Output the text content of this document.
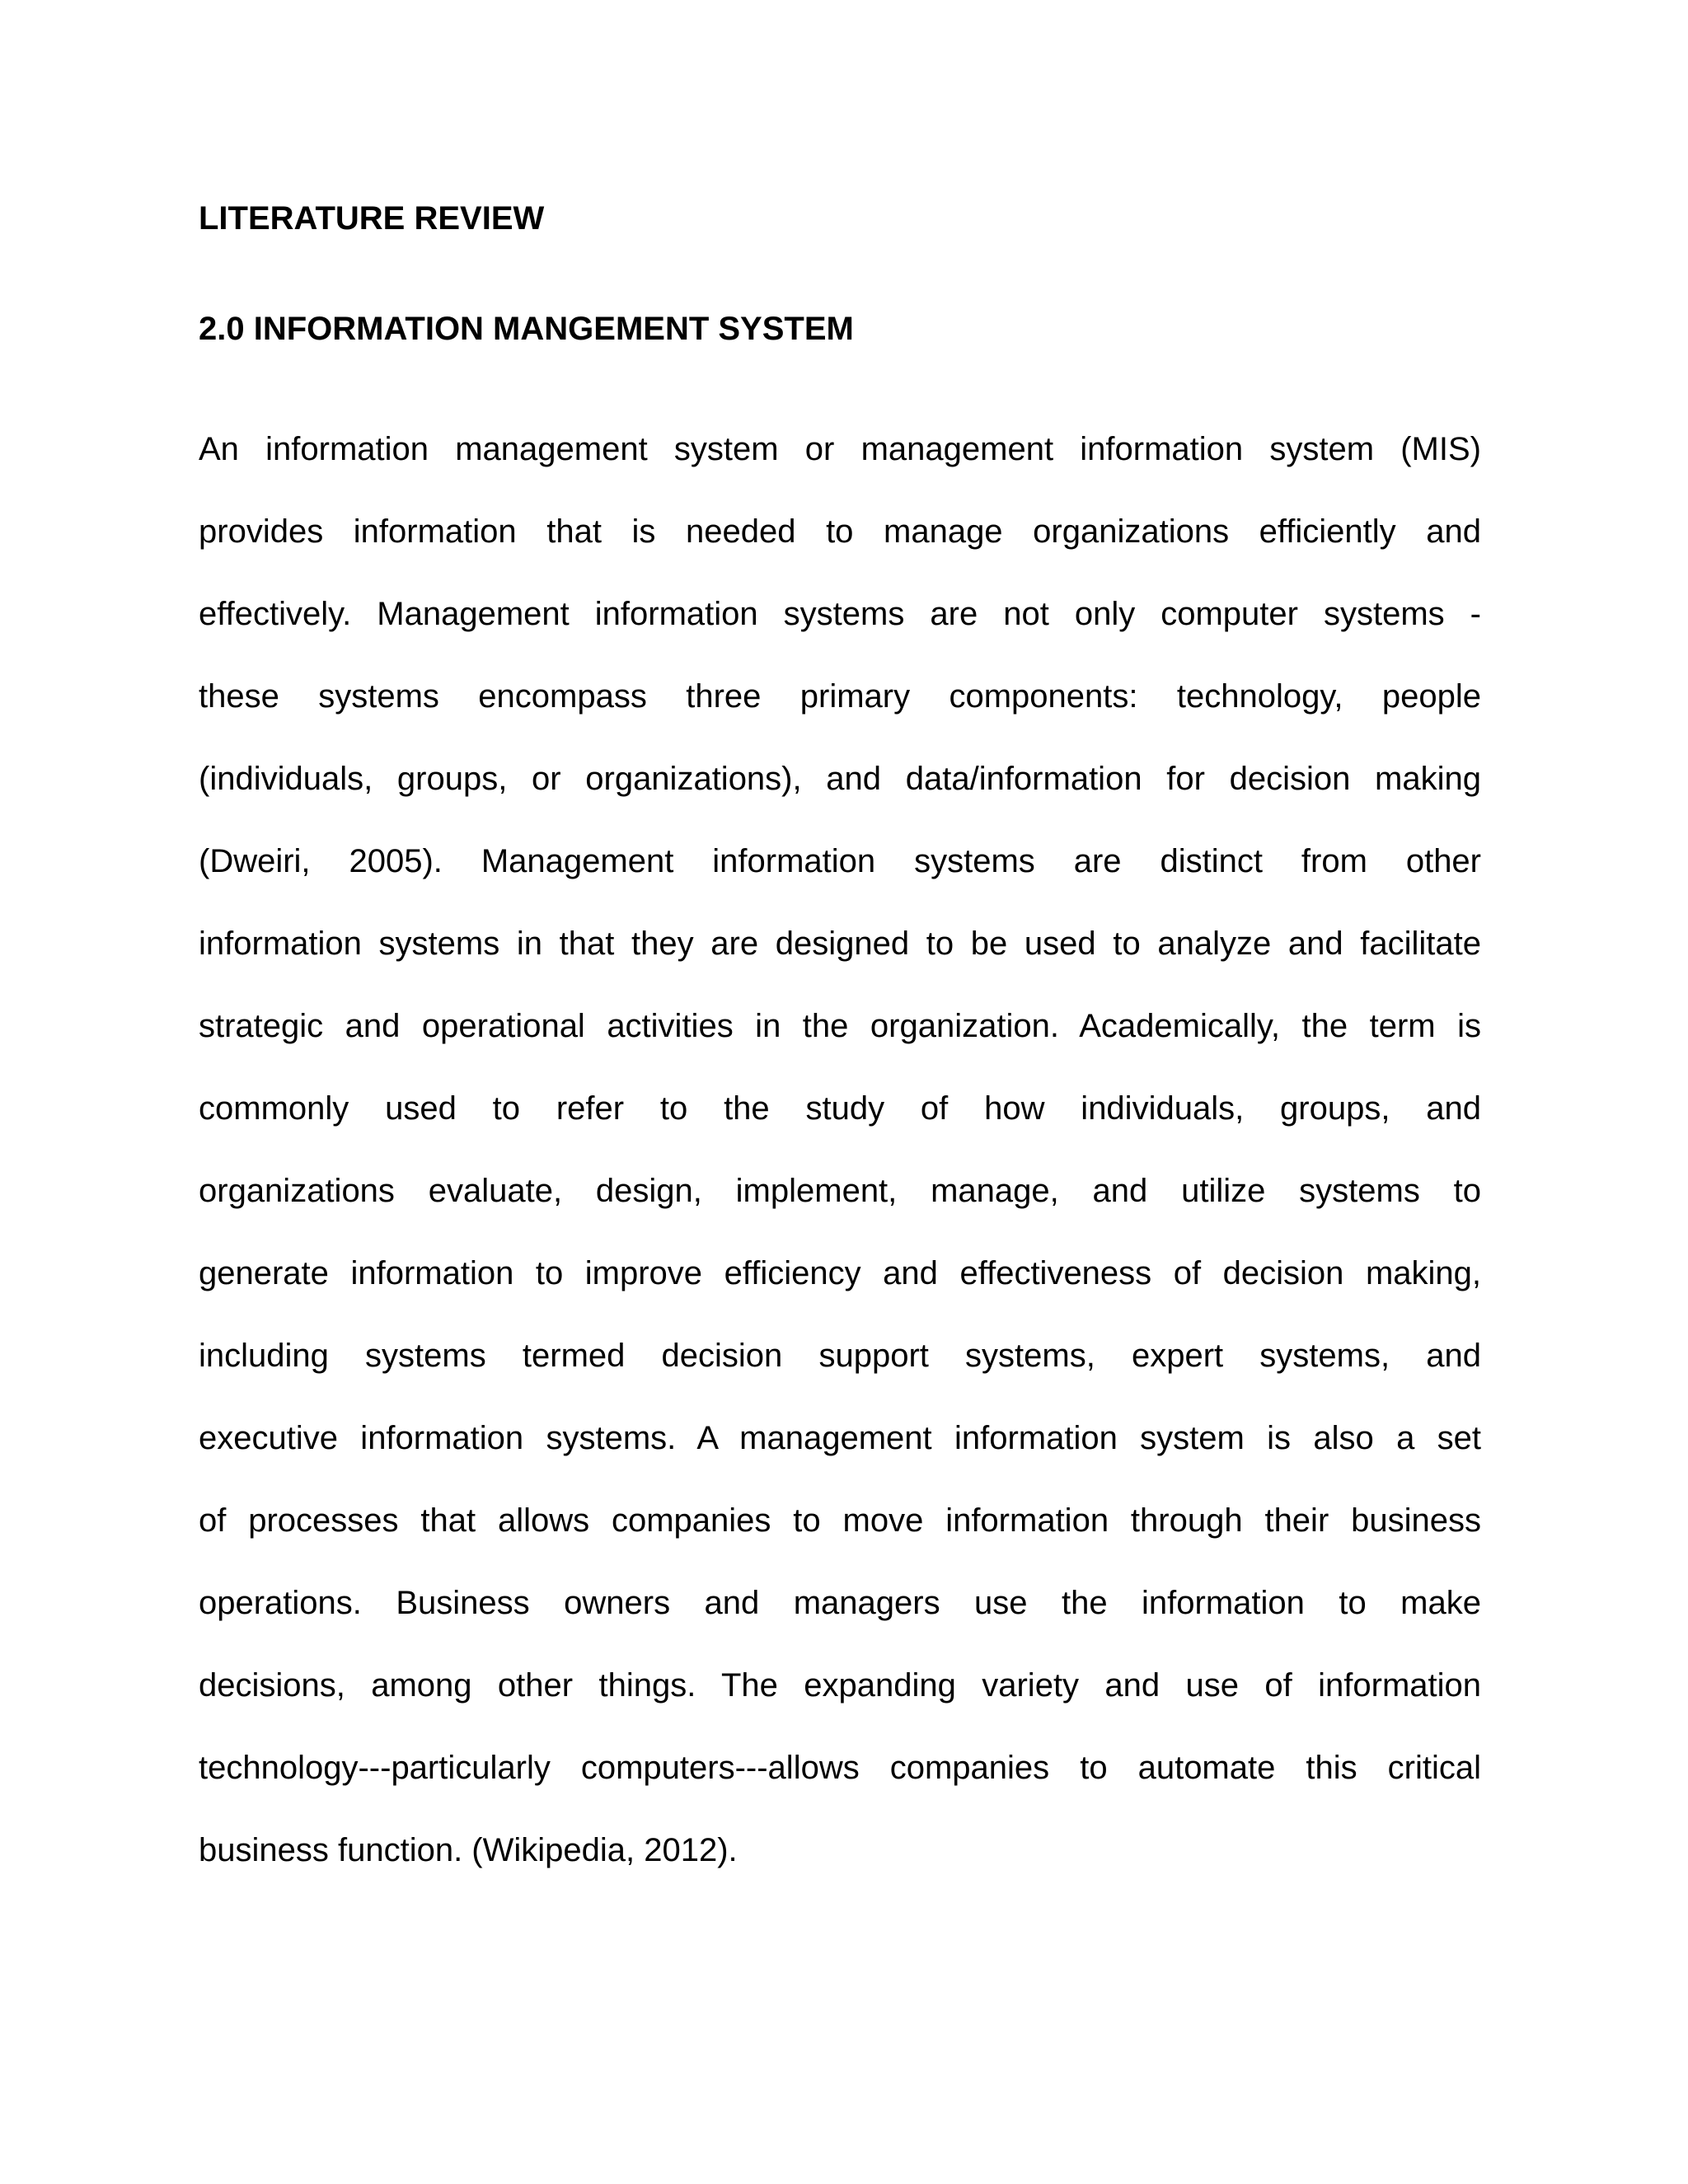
LITERATURE REVIEW
2.0 INFORMATION MANGEMENT SYSTEM
An information management system or management information system (MIS)
provides information that is needed to manage organizations efficiently and
effectively. Management information systems are not only computer systems -
these systems encompass three primary components: technology, people
(individuals, groups, or organizations), and data/information for decision making
(Dweiri, 2005). Management information systems are distinct from other
information systems in that they are designed to be used to analyze and facilitate
strategic and operational activities in the organization. Academically, the term is
commonly used to refer to the study of how individuals, groups, and
organizations evaluate, design, implement, manage, and utilize systems to
generate information to improve efficiency and effectiveness of decision making,
including systems termed decision support systems, expert systems, and
executive information systems. A management information system is also a set
of processes that allows companies to move information through their business
operations. Business owners and managers use the information to make
decisions, among other things. The expanding variety and use of information
technology---particularly computers---allows companies to automate this critical
business function. (Wikipedia, 2012).
